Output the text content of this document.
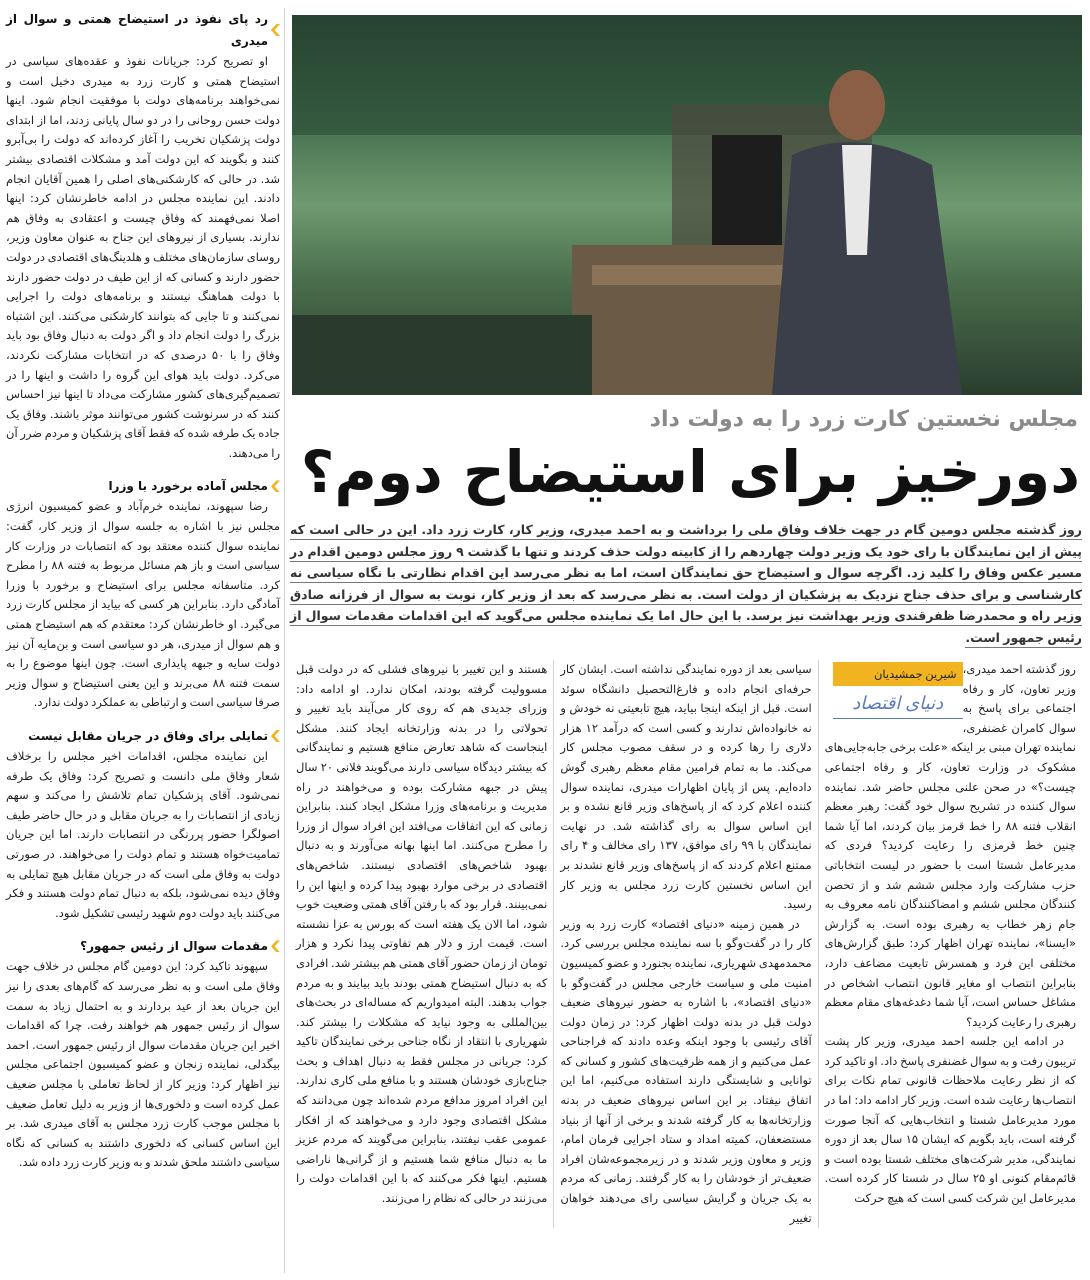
رد پای نفوذ در استیضاح همتی و سوال از میدری

او تصریح کرد: جریانات نفوذ و عقده‌های سیاسی در استیضاح همتی و کارت زرد به میدری دخیل است و نمی‌خواهند برنامه‌های دولت با موفقیت انجام شود. اینها دولت حسن روحانی را در دو سال پایانی زدند، اما از ابتدای دولت پزشکیان تخریب را آغاز کرده‌اند که دولت را بی‌آبرو کنند و بگویند که این دولت آمد و مشکلات اقتصادی بیشتر شد. در حالی که کارشکنی‌های اصلی را همین آقایان انجام دادند. این نماینده مجلس در ادامه خاطرنشان کرد: اینها اصلا نمی‌فهمند که وفاق چیست و اعتقادی به وفاق هم ندارند. بسیاری از نیروهای این جناح به عنوان معاون وزیر، روسای سازمان‌های مختلف و هلدینگ‌های اقتصادی در دولت حضور دارند و کسانی که از این طیف در دولت حضور دارند با دولت هماهنگ نیستند و برنامه‌های دولت را اجرایی نمی‌کنند و تا جایی که بتوانند کارشکنی می‌کنند. این اشتباه بزرگ را دولت انجام داد و اگر دولت به دنبال وفاق بود باید وفاق را با ۵۰ درصدی که در انتخابات مشارکت نکردند، می‌کرد. دولت باید هوای این گروه را داشت و اینها را در تصمیم‌گیری‌های کشور مشارکت می‌داد تا اینها نیز احساس کنند که در سرنوشت کشور می‌توانند موثر باشند. وفاق یک جاده یک طرفه شده که فقط آقای پزشکیان و مردم ضرر آن را می‌دهند.

مجلس آماده برخورد با وزرا

رضا سپهوند، نماینده خرم‌آباد و عضو کمیسیون انرژی مجلس نیز با اشاره به جلسه سوال از وزیر کار، گفت: نماینده سوال کننده معتقد بود که انتصابات در وزارت کار سیاسی است و باز هم مسائل مربوط به فتنه ۸۸ را مطرح کرد. متاسفانه مجلس برای استیضاح و برخورد با وزرا آمادگی دارد. بنابراین هر کسی که بیاید از مجلس کارت زرد می‌گیرد. او خاطرنشان کرد: معتقدم که هم استیضاح همتی و هم سوال از میدری، هر دو سیاسی است و بن‌مایه آن نیز دولت سایه و جبهه پایداری است. چون اینها موضوع را به سمت فتنه ۸۸ می‌برند و این یعنی استیضاح و سوال وزیر صرفا سیاسی است و ارتباطی به عملکرد دولت ندارد.

تمایلی برای وفاق در جریان مقابل نیست

این نماینده مجلس، اقدامات اخیر مجلس را برخلاف شعار وفاق ملی دانست و تصریح کرد: وفاق یک طرفه نمی‌شود. آقای پزشکیان تمام تلاشش را می‌کند و سهم زیادی از انتصابات را به جریان مقابل و در حال حاضر طیف اصولگرا حضور پررنگی در انتصابات دارند. اما این جریان تمامیت‌خواه هستند و تمام دولت را می‌خواهند. در صورتی دولت به وفاق ملی است که در جریان مقابل هیچ تمایلی به وفاق دیده نمی‌شود، بلکه به دنبال تمام دولت هستند و فکر می‌کنند باید دولت دوم شهید رئیسی تشکیل شود.

مقدمات سوال از رئیس جمهور؟

سپهوند تاکید کرد: این دومین گام مجلس در خلاف جهت وفاق ملی است و به نظر می‌رسد که گام‌های بعدی را نیز این جریان بعد از عید بردارند و به احتمال زیاد به سمت سوال از رئیس جمهور هم خواهند رفت. چرا که اقدامات اخیر این جریان مقدمات سوال از رئیس جمهور است. احمد بیگدلی، نماینده زنجان و عضو کمیسیون اجتماعی مجلس نیز اظهار کرد: وزیر کار از لحاظ تعاملی با مجلس ضعیف عمل کرده است و دلخوری‌ها از وزیر به دلیل تعامل ضعیف با مجلس موجب کارت زرد مجلس به آقای میدری شد. بر این اساس کسانی که دلخوری داشتند به کسانی که نگاه سیاسی داشتند ملحق شدند و به وزیر کارت زرد داده شد.

مجلس نخستین کارت زرد را به دولت داد
دورخیز برای استیضاح دوم؟
روز گذشته مجلس دومین گام در جهت خلاف وفاق ملی را برداشت و به احمد میدری، وزیر کار، کارت زرد داد. این در حالی است که پیش از این نمایندگان با رای خود یک وزیر دولت چهاردهم را از کابینه دولت حذف کردند و تنها با گذشت ۹ روز مجلس دومین اقدام در مسیر عکس وفاق را کلید زد. اگرچه سوال و استیضاح حق نمایندگان است، اما به نظر می‌رسد این اقدام نظارتی با نگاه سیاسی نه کارشناسی و برای حذف جناح نزدیک به پزشکیان از دولت است. به نظر می‌رسد که بعد از وزیر کار، نوبت به سوال از فرزانه صادق وزیر راه و محمدرضا ظفرقندی وزیر بهداشت نیز برسد. با این حال اما یک نماینده مجلس می‌گوید که این اقدامات مقدمات سوال از رئیس جمهور است.
شیرین جمشیدیان
دنیای اقتصاد

روز گذشته احمد میدری، وزیر تعاون، کار و رفاه اجتماعی برای پاسخ به سوال کامران غضنفری، نماینده تهران مبنی بر اینکه «علت برخی جابه‌جایی‌های مشکوک در وزارت تعاون، کار و رفاه اجتماعی چیست؟» در صحن علنی مجلس حاضر شد. نماینده سوال کننده در تشریح سوال خود گفت: رهبر معظم انقلاب فتنه ۸۸ را خط قرمز بیان کردند، اما آیا شما چنین خط قرمزی را رعایت کردید؟ فردی که مدیرعامل شستا است با حضور در لیست انتخاباتی حزب مشارکت وارد مجلس ششم شد و از تحصن کنندگان مجلس ششم و امضاکنندگان نامه معروف به جام زهر خطاب به رهبری بوده است. به گزارش «ایسنا»، نماینده تهران اظهار کرد: طبق گزارش‌های مختلفی این فرد و همسرش تابعیت مضاعف دارد، بنابراین انتصاب او مغایر قانون انتصاب اشخاص در مشاغل حساس است، آیا شما دغدغه‌های مقام معظم رهبری را رعایت کردید؟

در ادامه این جلسه احمد میدری، وزیر کار پشت تریبون رفت و به سوال غضنفری پاسخ داد. او تاکید کرد که از نظر رعایت ملاحظات قانونی تمام نکات برای انتصاب‌ها رعایت شده است. وزیر کار ادامه داد: اما در مورد مدیرعامل شستا و انتخاب‌هایی که آنجا صورت گرفته است، باید بگویم که ایشان ۱۵ سال بعد از دوره نمایندگی، مدیر شرکت‌های مختلف شستا بوده است و قائم‌مقام کنونی او ۲۵ سال در شستا کار کرده است. مدیرعامل این شرکت کسی است که هیچ حرکت

سیاسی بعد از دوره نمایندگی نداشته است. ایشان کار حرفه‌ای انجام داده و فارغ‌التحصیل دانشگاه سوئد است. قبل از اینکه اینجا بیاید، هیچ تابعیتی نه خودش و نه خانواده‌اش ندارند و کسی است که درآمد ۱۲ هزار دلاری را رها کرده و در سقف مصوب مجلس کار می‌کند. ما به تمام فرامین مقام معظم رهبری گوش داده‌ایم. پس از پایان اظهارات میدری، نماینده سوال کننده اعلام کرد که از پاسخ‌های وزیر قانع نشده و بر این اساس سوال به رای گذاشته شد. در نهایت نمایندگان با ۹۹ رای موافق، ۱۳۷ رای مخالف و ۴ رای ممتنع اعلام کردند که از پاسخ‌های وزیر قانع نشدند بر این اساس نخستین کارت زرد مجلس به وزیر کار رسید.

در همین زمینه «دنیای اقتصاد» کارت زرد به وزیر کار را در گفت‌وگو با سه نماینده مجلس بررسی کرد. محمدمهدی شهریاری، نماینده بجنورد و عضو کمیسیون امنیت ملی و سیاست خارجی مجلس در گفت‌وگو با «دنیای اقتصاد»، با اشاره به حضور نیروهای ضعیف دولت قبل در بدنه دولت اظهار کرد: در زمان دولت آقای رئیسی با وجود اینکه وعده دادند که فراجناحی عمل می‌کنیم و از همه ظرفیت‌های کشور و کسانی که توانایی و شایستگی دارند استفاده می‌کنیم، اما این اتفاق نیفتاد. بر این اساس نیروهای ضعیف در بدنه وزارتخانه‌ها به کار گرفته شدند و برخی از آنها از بنیاد مستضعفان، کمیته امداد و ستاد اجرایی فرمان امام، وزیر و معاون وزیر شدند و در زیرمجموعه‌شان افراد ضعیف‌تر از خودشان را به کار گرفتند. زمانی که مردم به یک جریان و گرایش سیاسی رای می‌دهند خواهان تغییر

هستند و این تغییر با نیروهای فشلی که در دولت قبل مسوولیت گرفته بودند، امکان ندارد. او ادامه داد: وزرای جدیدی هم که روی کار می‌آیند باید تغییر و تحولاتی را در بدنه وزارتخانه ایجاد کنند. مشکل اینجاست که شاهد تعارض منافع هستیم و نمایندگانی که بیشتر دیدگاه سیاسی دارند می‌گویند فلانی ۲۰ سال پیش در جبهه مشارکت بوده و می‌خواهند در راه مدیریت و برنامه‌های وزرا مشکل ایجاد کنند. بنابراین زمانی که این اتفاقات می‌افتد این افراد سوال از وزرا را مطرح می‌کنند. اما اینها بهانه می‌آورند و به دنبال بهبود شاخص‌های اقتصادی نیستند. شاخص‌های اقتصادی در برخی موارد بهبود پیدا کرده و اینها این را نمی‌بینند. قرار بود که با رفتن آقای همتی وضعیت خوب شود، اما الان یک هفته است که بورس به عزا نشسته است. قیمت ارز و دلار هم تفاوتی پیدا نکرد و هزار تومان از زمان حضور آقای همتی هم بیشتر شد. افرادی که به دنبال استیضاح همتی بودند باید بیایند و به مردم جواب بدهند. البته امیدواریم که مساله‌ای در بحث‌های بین‌المللی به وجود نیاید که مشکلات را بیشتر کند. شهریاری با انتقاد از نگاه جناحی برخی نمایندگان تاکید کرد: جریانی در مجلس فقط به دنبال اهداف و بحث جناح‌بازی خودشان هستند و با منافع ملی کاری ندارند. این افراد امروز مدافع مردم شده‌اند چون می‌دانند که مشکل اقتصادی وجود دارد و می‌خواهند که از افکار عمومی عقب نیفتند، بنابراین می‌گویند که مردم عزیز ما به دنبال منافع شما هستیم و از گرانی‌ها ناراضی هستیم. اینها فکر می‌کنند که با این اقدامات دولت را می‌زنند در حالی که نظام را می‌زنند.
